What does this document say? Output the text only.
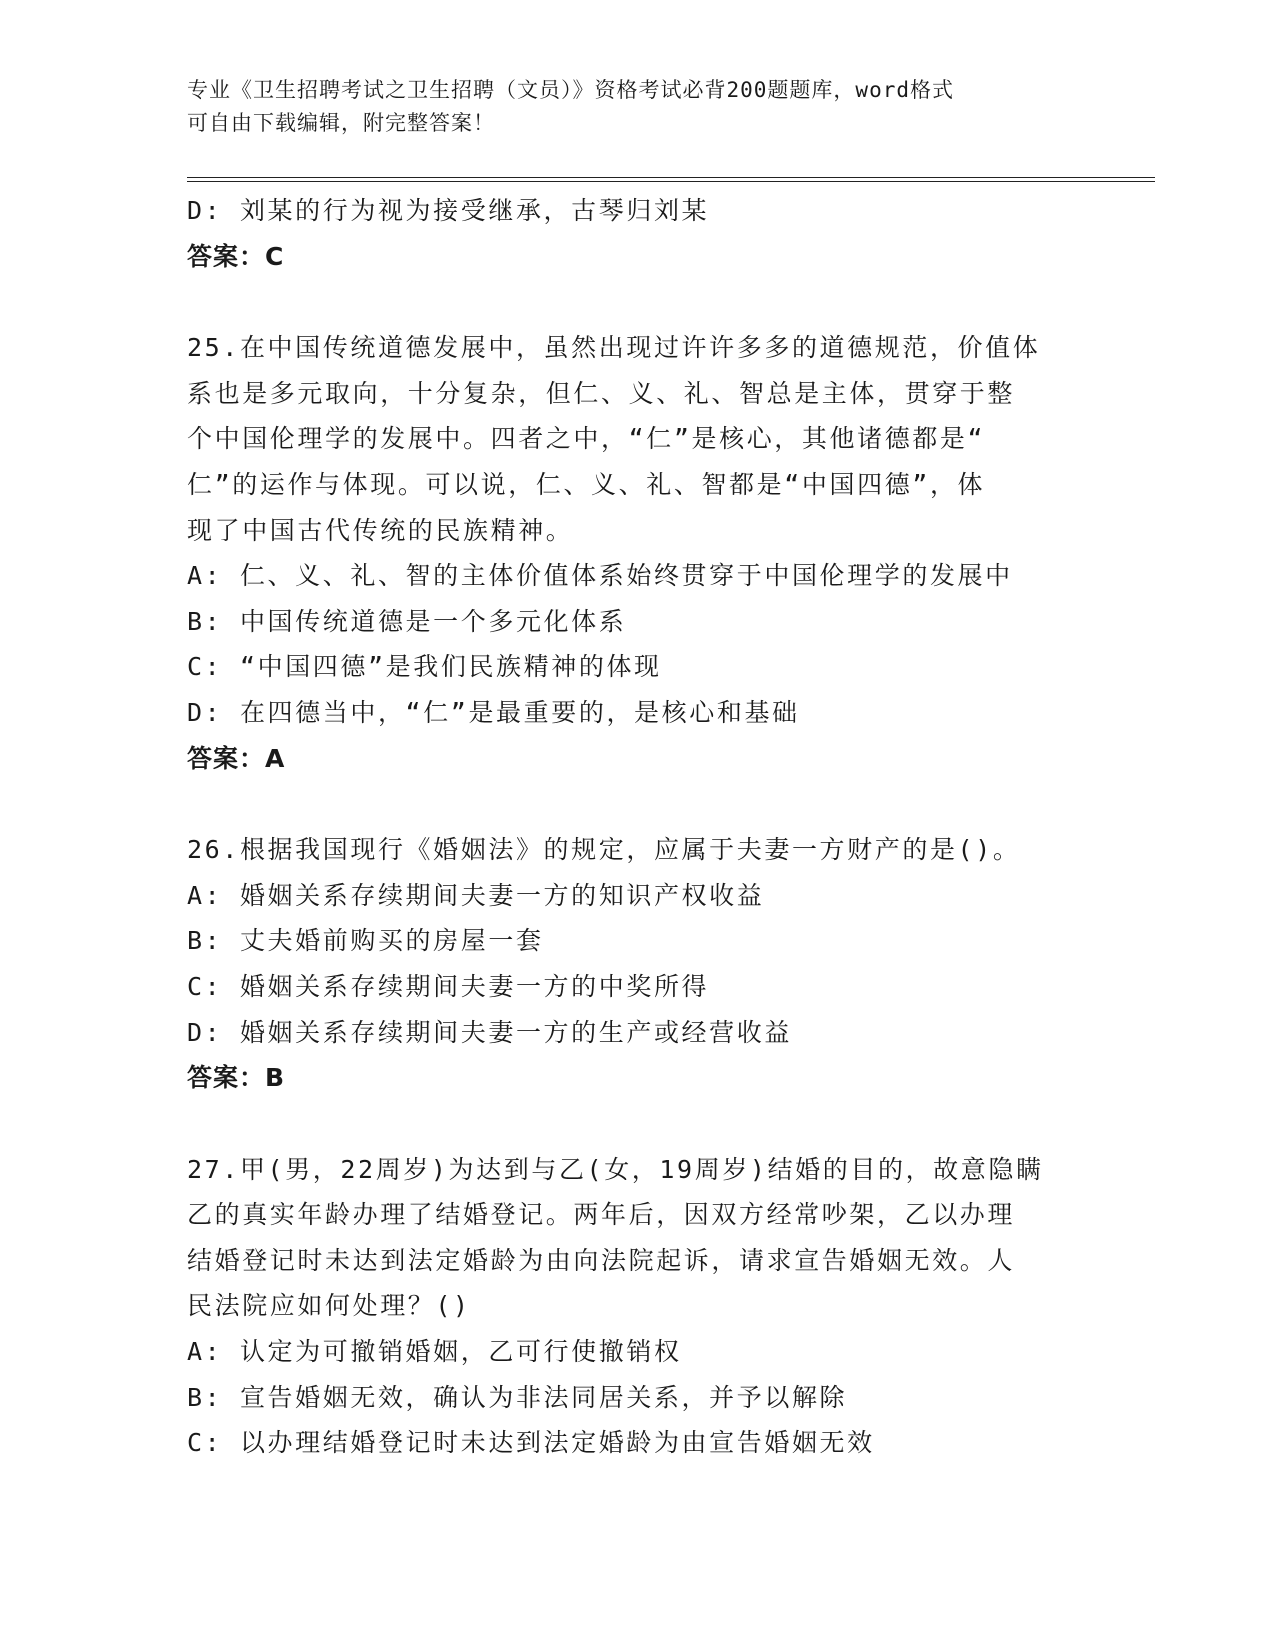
专业《卫生招聘考试之卫生招聘（文员）》资格考试必背200题题库，word格式
可自由下载编辑，附完整答案！
D: 刘某的行为视为接受继承，古琴归刘某
答案：C
25.在中国传统道德发展中，虽然出现过许许多多的道德规范，价值体
系也是多元取向，十分复杂，但仁、义、礼、智总是主体，贯穿于整
个中国伦理学的发展中。四者之中，“仁”是核心，其他诸德都是“
仁”的运作与体现。可以说，仁、义、礼、智都是“中国四德”，体
现了中国古代传统的民族精神。
A: 仁、义、礼、智的主体价值体系始终贯穿于中国伦理学的发展中
B: 中国传统道德是一个多元化体系
C: “中国四德”是我们民族精神的体现
D: 在四德当中，“仁”是最重要的，是核心和基础
答案：A
26.根据我国现行《婚姻法》的规定，应属于夫妻一方财产的是()。
A: 婚姻关系存续期间夫妻一方的知识产权收益
B: 丈夫婚前购买的房屋一套
C: 婚姻关系存续期间夫妻一方的中奖所得
D: 婚姻关系存续期间夫妻一方的生产或经营收益
答案：B
27.甲(男，22周岁)为达到与乙(女，19周岁)结婚的目的，故意隐瞒
乙的真实年龄办理了结婚登记。两年后，因双方经常吵架，乙以办理
结婚登记时未达到法定婚龄为由向法院起诉，请求宣告婚姻无效。人
民法院应如何处理？()
A: 认定为可撤销婚姻，乙可行使撤销权
B: 宣告婚姻无效，确认为非法同居关系，并予以解除
C: 以办理结婚登记时未达到法定婚龄为由宣告婚姻无效
